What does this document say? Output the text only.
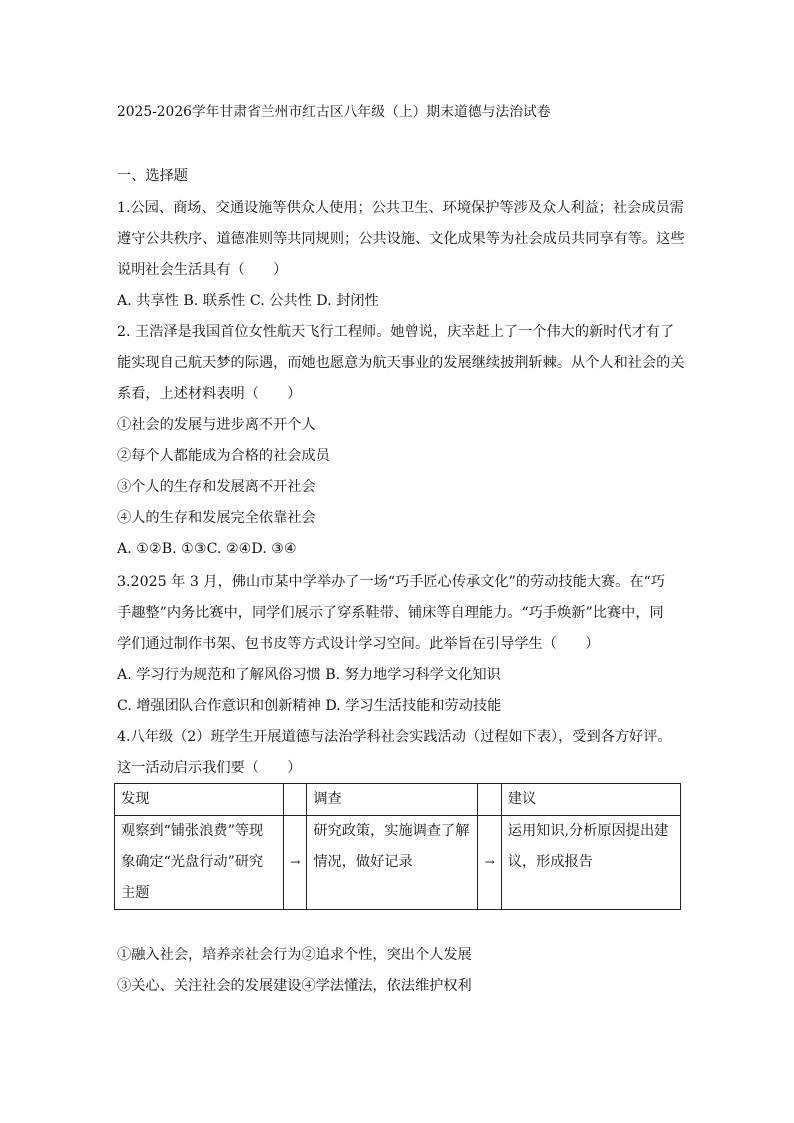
2025-2026学年甘肃省兰州市红古区八年级（上）期末道德与法治试卷
一、选择题
1.公园、商场、交通设施等供众人使用；公共卫生、环境保护等涉及众人利益；社会成员需
遵守公共秩序、道德准则等共同规则；公共设施、文化成果等为社会成员共同享有等。这些
说明社会生活具有（　　）
A. 共享性 B. 联系性 C. 公共性 D. 封闭性
2. 王浩泽是我国首位女性航天飞行工程师。她曾说，庆幸赶上了一个伟大的新时代才有了
能实现自己航天梦的际遇，而她也愿意为航天事业的发展继续披荆斩棘。从个人和社会的关
系看，上述材料表明（　　）
①社会的发展与进步离不开个人
②每个人都能成为合格的社会成员
③个人的生存和发展离不开社会
④人的生存和发展完全依靠社会
A. ①②B. ①③C. ②④D. ③④
3.2025 年 3 月，佛山市某中学举办了一场“巧手匠心传承文化”的劳动技能大赛。在“巧
手趣整”内务比赛中，同学们展示了穿系鞋带、铺床等自理能力。“巧手焕新”比赛中，同
学们通过制作书架、包书皮等方式设计学习空间。此举旨在引导学生（　　）
A. 学习行为规范和了解风俗习惯 B. 努力地学习科学文化知识
C. 增强团队合作意识和创新精神 D. 学习生活技能和劳动技能
4.八年级（2）班学生开展道德与法治学科社会实践活动（过程如下表），受到各方好评。
这一活动启示我们要（　　）
发现		调查		建议

观察到“铺张浪费”等现象确定“光盘行动”研究主题	→	研究政策，实施调查了解情况，做好记录	→	运用知识,分析原因提出建议，形成报告
①融入社会，培养亲社会行为②追求个性，突出个人发展
③关心、关注社会的发展建设④学法懂法，依法维护权利
